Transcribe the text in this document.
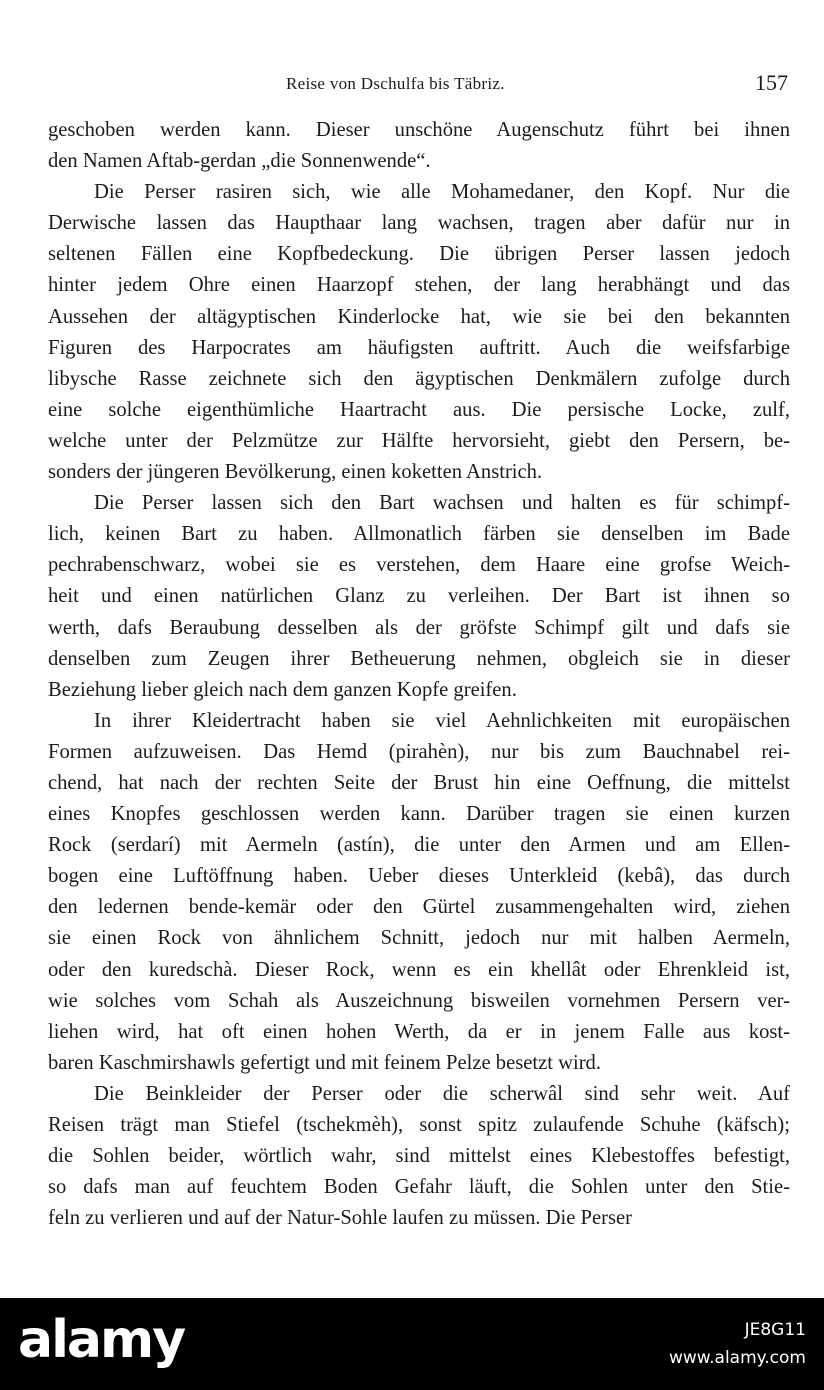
Reise von Dschulfa bis Täbriz.	157

geschoben werden kann. Dieser unschöne Augenschutz führt bei ihnen
den Namen Aftab-gerdan „die Sonnenwende“.

Die Perser rasiren sich, wie alle Mohamedaner, den Kopf. Nur die
Derwische lassen das Haupthaar lang wachsen, tragen aber dafür nur in
seltenen Fällen eine Kopfbedeckung. Die übrigen Perser lassen jedoch
hinter jedem Ohre einen Haarzopf stehen, der lang herabhängt und das
Aussehen der altägyptischen Kinderlocke hat, wie sie bei den bekannten
Figuren des Harpocrates am häufigsten auftritt. Auch die weifsfarbige
libysche Rasse zeichnete sich den ägyptischen Denkmälern zufolge durch
eine solche eigenthümliche Haartracht aus. Die persische Locke, zulf,
welche unter der Pelzmütze zur Hälfte hervorsieht, giebt den Persern, be-
sonders der jüngeren Bevölkerung, einen koketten Anstrich.

Die Perser lassen sich den Bart wachsen und halten es für schimpf-
lich, keinen Bart zu haben. Allmonatlich färben sie denselben im Bade
pechrabenschwarz, wobei sie es verstehen, dem Haare eine grofse Weich-
heit und einen natürlichen Glanz zu verleihen. Der Bart ist ihnen so
werth, dafs Beraubung desselben als der gröfste Schimpf gilt und dafs sie
denselben zum Zeugen ihrer Betheuerung nehmen, obgleich sie in dieser
Beziehung lieber gleich nach dem ganzen Kopfe greifen.

In ihrer Kleidertracht haben sie viel Aehnlichkeiten mit europäischen
Formen aufzuweisen. Das Hemd (pirahèn), nur bis zum Bauchnabel rei-
chend, hat nach der rechten Seite der Brust hin eine Oeffnung, die mittelst
eines Knopfes geschlossen werden kann. Darüber tragen sie einen kurzen
Rock (serdarí) mit Aermeln (astín), die unter den Armen und am Ellen-
bogen eine Luftöffnung haben. Ueber dieses Unterkleid (kebâ), das durch
den ledernen bende-kemär oder den Gürtel zusammengehalten wird, ziehen
sie einen Rock von ähnlichem Schnitt, jedoch nur mit halben Aermeln,
oder den kuredschà. Dieser Rock, wenn es ein khellât oder Ehrenkleid ist,
wie solches vom Schah als Auszeichnung bisweilen vornehmen Persern ver-
liehen wird, hat oft einen hohen Werth, da er in jenem Falle aus kost-
baren Kaschmirshawls gefertigt und mit feinem Pelze besetzt wird.

Die Beinkleider der Perser oder die scherwâl sind sehr weit. Auf
Reisen trägt man Stiefel (tschekmèh), sonst spitz zulaufende Schuhe (käfsch);
die Sohlen beider, wörtlich wahr, sind mittelst eines Klebestoffes befestigt,
so dafs man auf feuchtem Boden Gefahr läuft, die Sohlen unter den Stie-
feln zu verlieren und auf der Natur-Sohle laufen zu müssen. Die Perser

alamy	JE8G11
www.alamy.com
